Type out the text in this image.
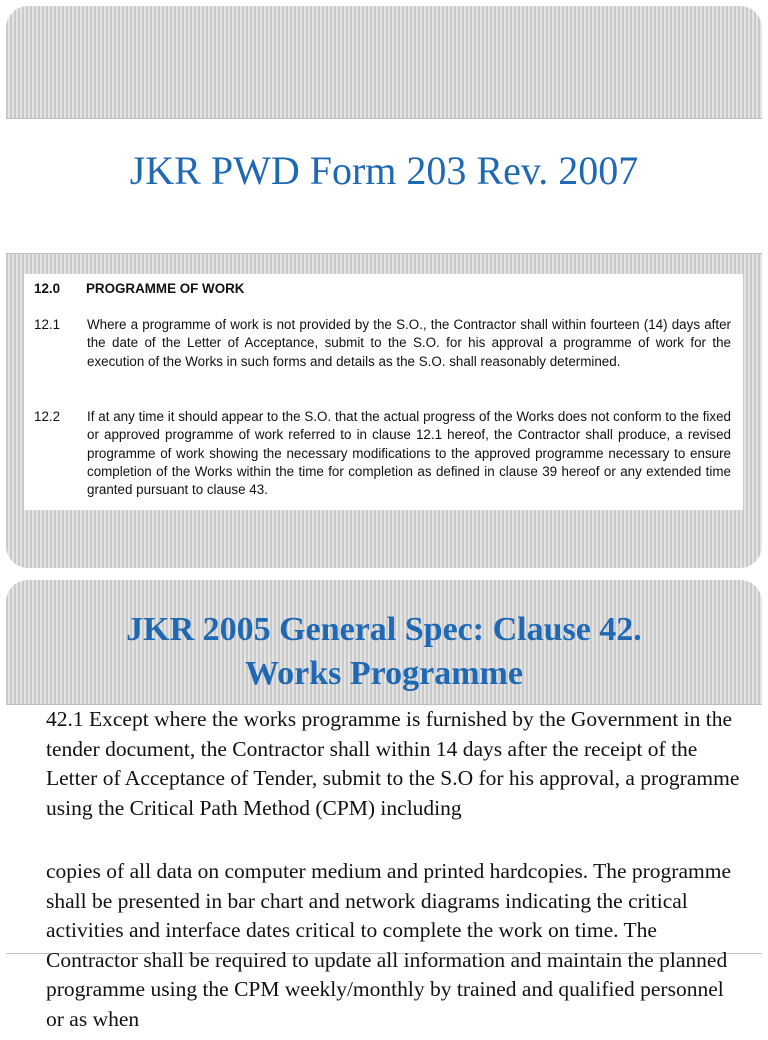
JKR PWD Form 203 Rev. 2007
12.0 PROGRAMME OF WORK
12.1 Where a programme of work is not provided by the S.O., the Contractor shall within fourteen (14) days after the date of the Letter of Acceptance, submit to the S.O. for his approval a programme of work for the execution of the Works in such forms and details as the S.O. shall reasonably determined.
12.2 If at any time it should appear to the S.O. that the actual progress of the Works does not conform to the fixed or approved programme of work referred to in clause 12.1 hereof, the Contractor shall produce, a revised programme of work showing the necessary modifications to the approved programme necessary to ensure completion of the Works within the time for completion as defined in clause 39 hereof or any extended time granted pursuant to clause 43.
JKR 2005 General Spec: Clause 42.
Works Programme
42.1 Except where the works programme is furnished by the Government in the tender document, the Contractor shall within 14 days after the receipt of the Letter of Acceptance of Tender, submit to the S.O for his approval, a programme using the Critical Path Method (CPM) including
copies of all data on computer medium and printed hardcopies. The programme shall be presented in bar chart and network diagrams indicating the critical activities and interface dates critical to complete the work on time. The Contractor shall be required to update all information and maintain the planned programme using the CPM weekly/monthly by trained and qualified personnel or as when
